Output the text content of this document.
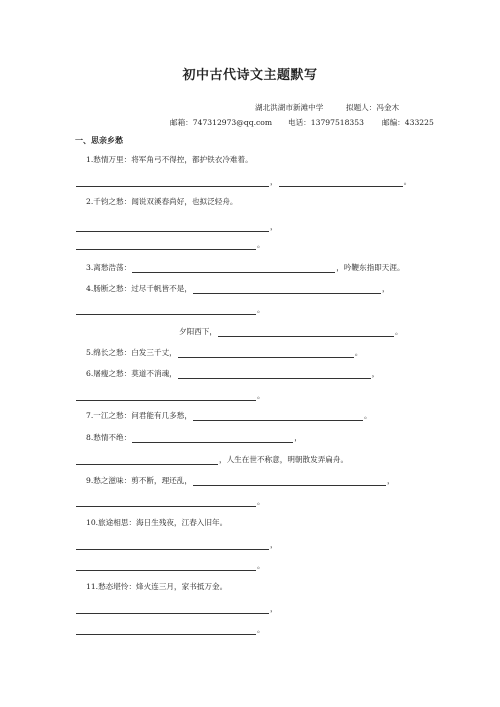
初中古代诗文主题默写
湖北洪湖市新滩中学	拟题人：冯金木
邮箱：747312973@qq.com 电话：13797518353 邮编：433225
一、思亲乡愁
1.愁情万里：将军角弓不得控，都护铁衣冷难着。
，	。
2.千钧之愁：闻说双溪春尚好，也拟泛轻舟。
，
。
3.离愁浩荡：	，吟鞭东指即天涯。
4.肠断之愁：过尽千帆皆不是，	，
。
夕阳西下，	。
5.绵长之愁：白发三千丈，	。
6.屠瘦之愁：莫道不消魂，	，
。
7.一江之愁：问君能有几多愁，	。
8.愁情不绝：	，
，人生在世不称意，明朝散发弄扁舟。
9.愁之滋味：剪不断，理还乱，	，
。
10.旅途相思：海日生残夜，江春入旧年。
，
。
11.愁态堪怜：烽火连三月，家书抵万金。
，
。
